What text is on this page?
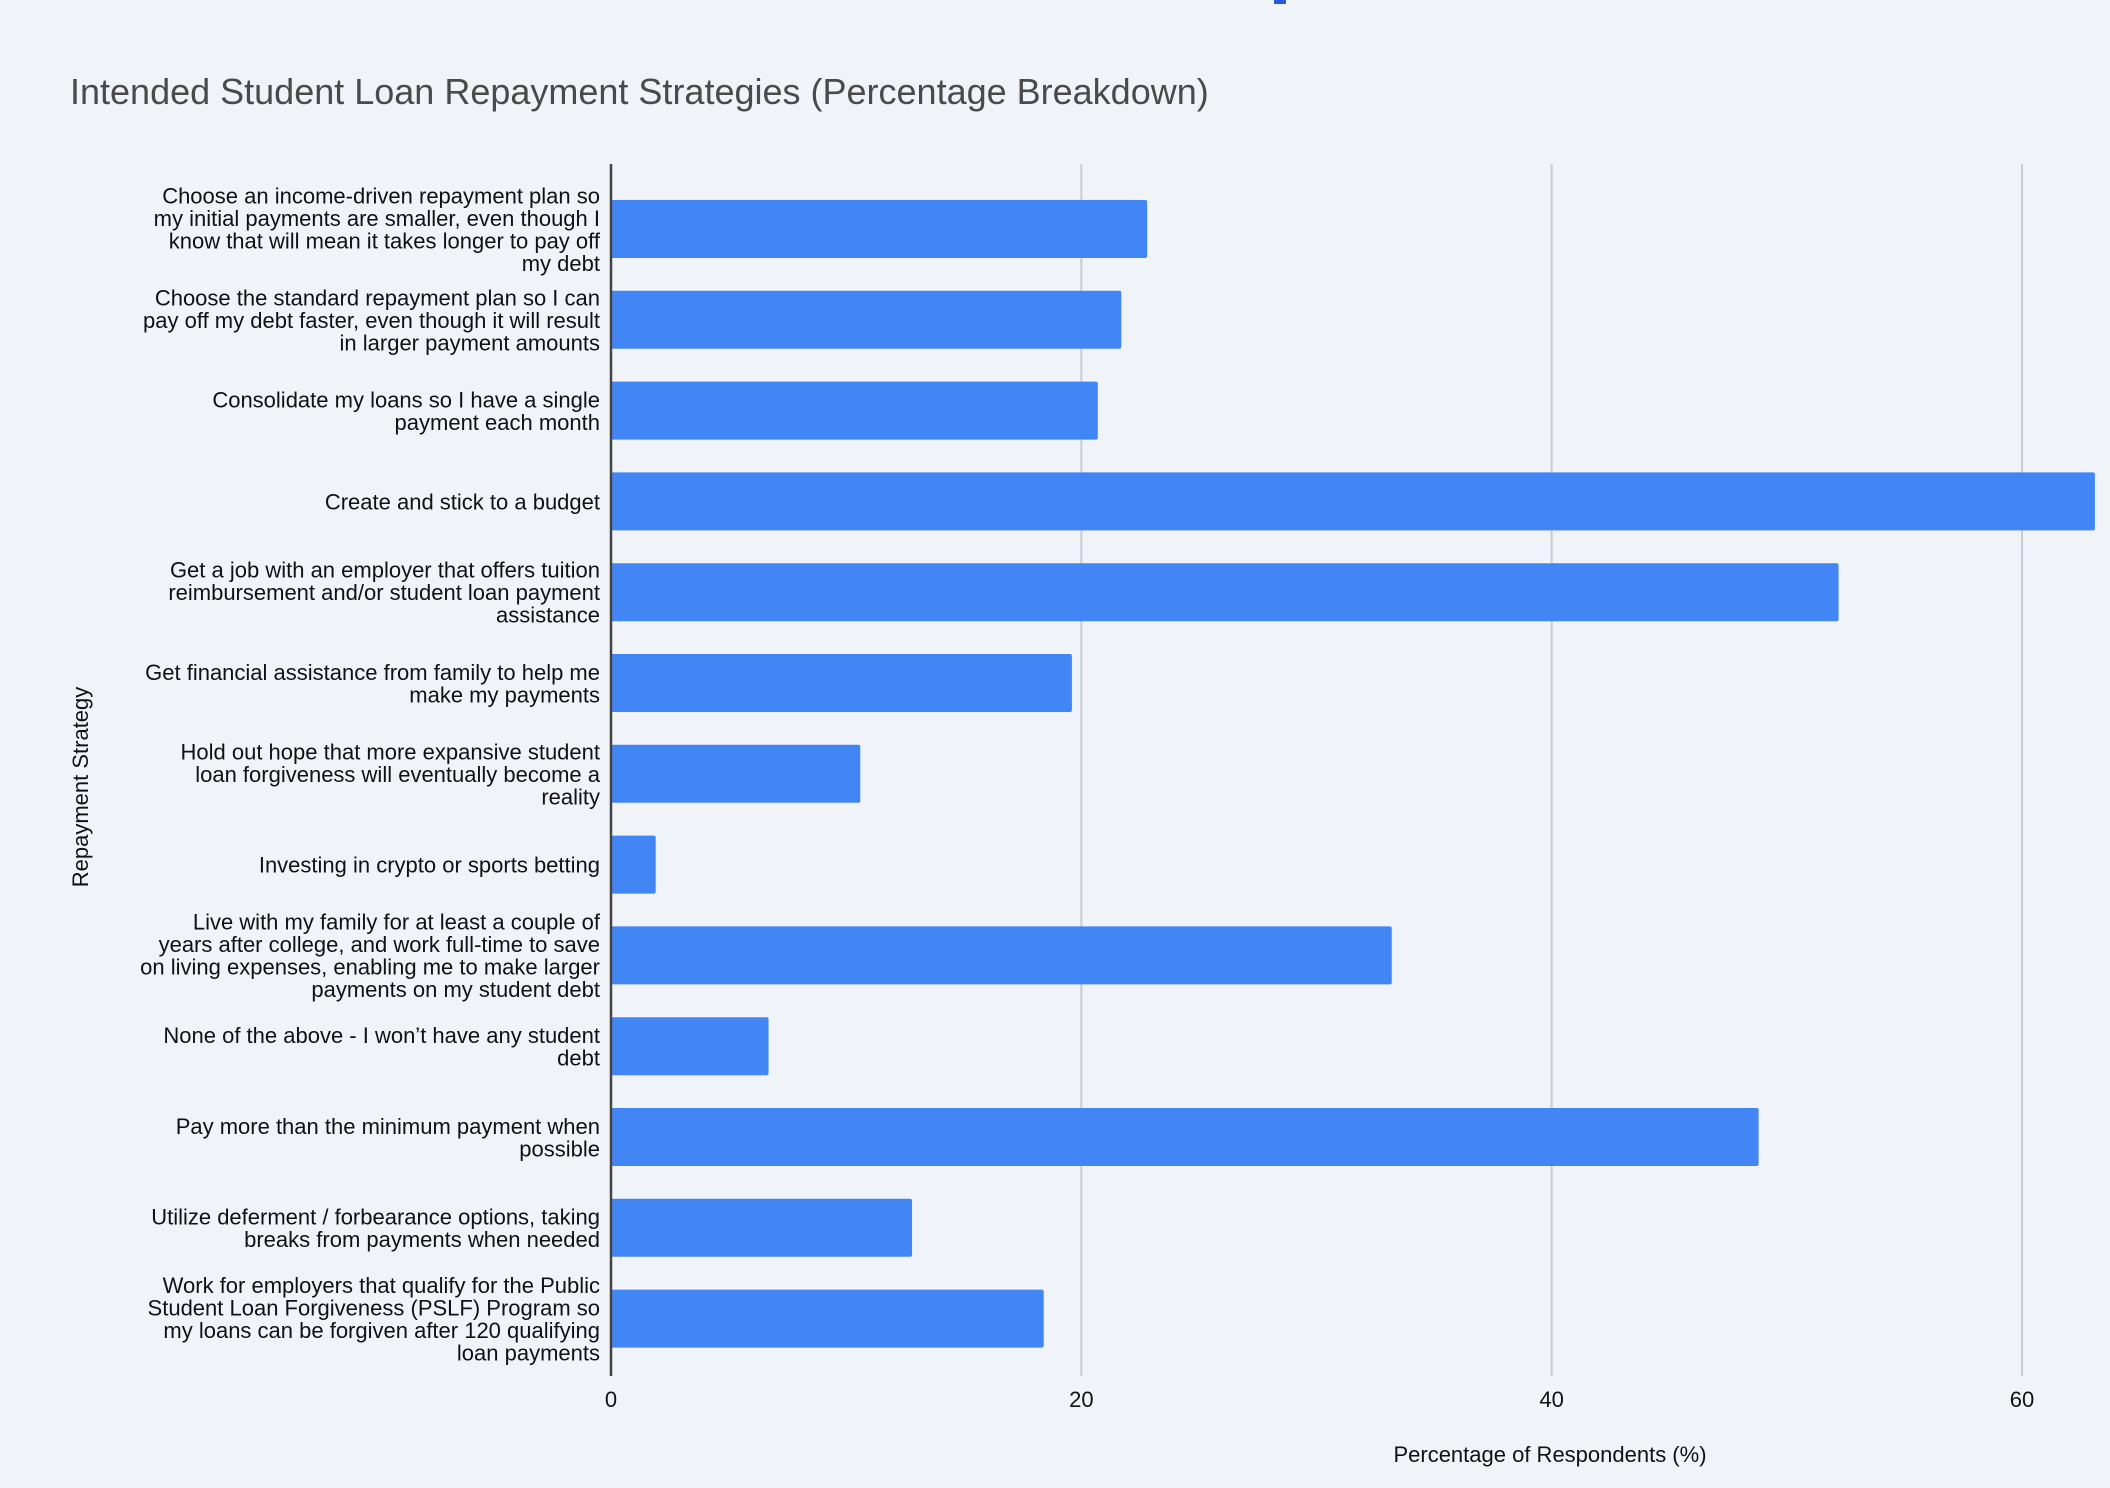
Intended Student Loan Repayment Strategies (Percentage Breakdown)
Choose an income-driven repayment plan so
my initial payments are smaller, even though I
know that will mean it takes longer to pay off
my debt
Choose the standard repayment plan so I can
pay off my debt faster, even though it will result
in larger payment amounts
Consolidate my loans so I have a single
payment each month
Create and stick to a budget
Get a job with an employer that offers tuition
reimbursement and/or student loan payment
assistance
Get financial assistance from family to help me
make my payments
Hold out hope that more expansive student
loan forgiveness will eventually become a
reality
Investing in crypto or sports betting
Live with my family for at least a couple of
years after college, and work full-time to save
on living expenses, enabling me to make larger
payments on my student debt
None of the above - I won’t have any student
debt
Pay more than the minimum payment when
possible
Utilize deferment / forbearance options, taking
breaks from payments when needed
Work for employers that qualify for the Public
Student Loan Forgiveness (PSLF) Program so
my loans can be forgiven after 120 qualifying
loan payments
0	20	40	60
Percentage of Respondents (%)
Repayment Strategy
